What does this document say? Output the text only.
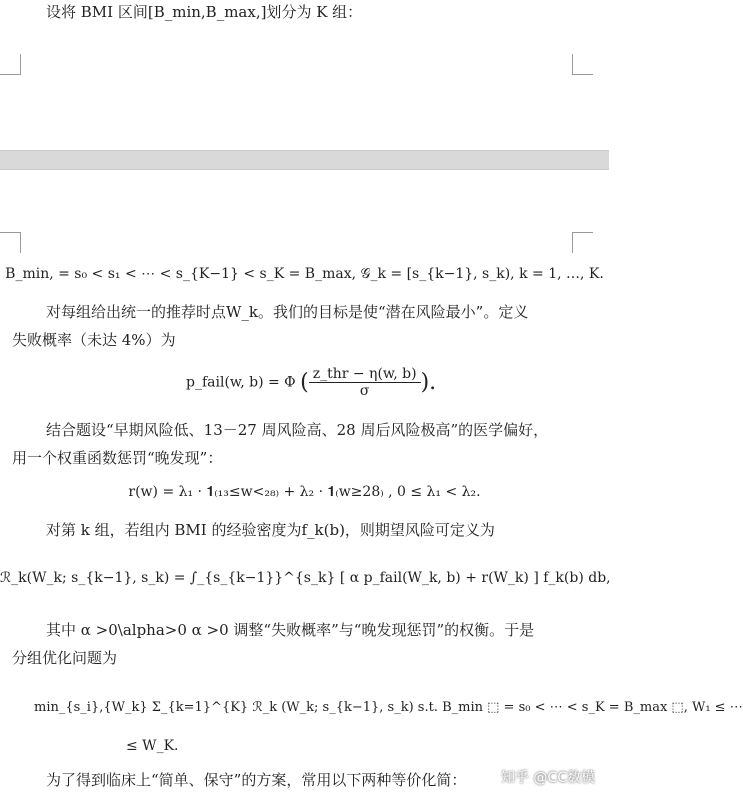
设将 BMI 区间[B_min,B_max,]划分为 K 组：
B_min, = s₀ < s₁ < ⋯ < s_{K−1} < s_K = B_max, 𝒢_k = [s_{k−1}, s_k), k = 1, …, K.
对每组给出统一的推荐时点W_k。我们的目标是使“潜在风险最小”。定义
失败概率（未达 4%）为
p_fail(w, b) = Φ ( $\frac{\text{z\_thr − η(w, b)}}{\sigma}$ ).
结合题设“早期风险低、13－27 周风险高、28 周后风险极高”的医学偏好，
用一个权重函数惩罚“晚发现”：
r(w) = λ₁ · 𝟏₍₁₃≤w<₂₈₎ + λ₂ · 𝟏₍w≥28₎ , 0 ≤ λ₁ < λ₂.
对第 k 组，若组内 BMI 的经验密度为f_k(b)，则期望风险可定义为
ℛ_k(W_k; s_{k−1}, s_k) = ∫_{s_{k−1}}^{s_k} [ α p_fail(W_k, b) + r(W_k) ] f_k(b) db,
其中 α >0\alpha>0 α >0 调整“失败概率”与“晚发现惩罚”的权衡。于是
分组优化问题为
min_{s_i},{W_k} Σ_{k=1}^{K} ℛ_k (W_k; s_{k−1}, s_k) s.t. B_min ⬚ = s₀ < ⋯ < s_K = B_max ⬚, W₁ ≤ ⋯
≤ W_K.
为了得到临床上“简单、保守”的方案，常用以下两种等价化简： 知乎 @CC数模
